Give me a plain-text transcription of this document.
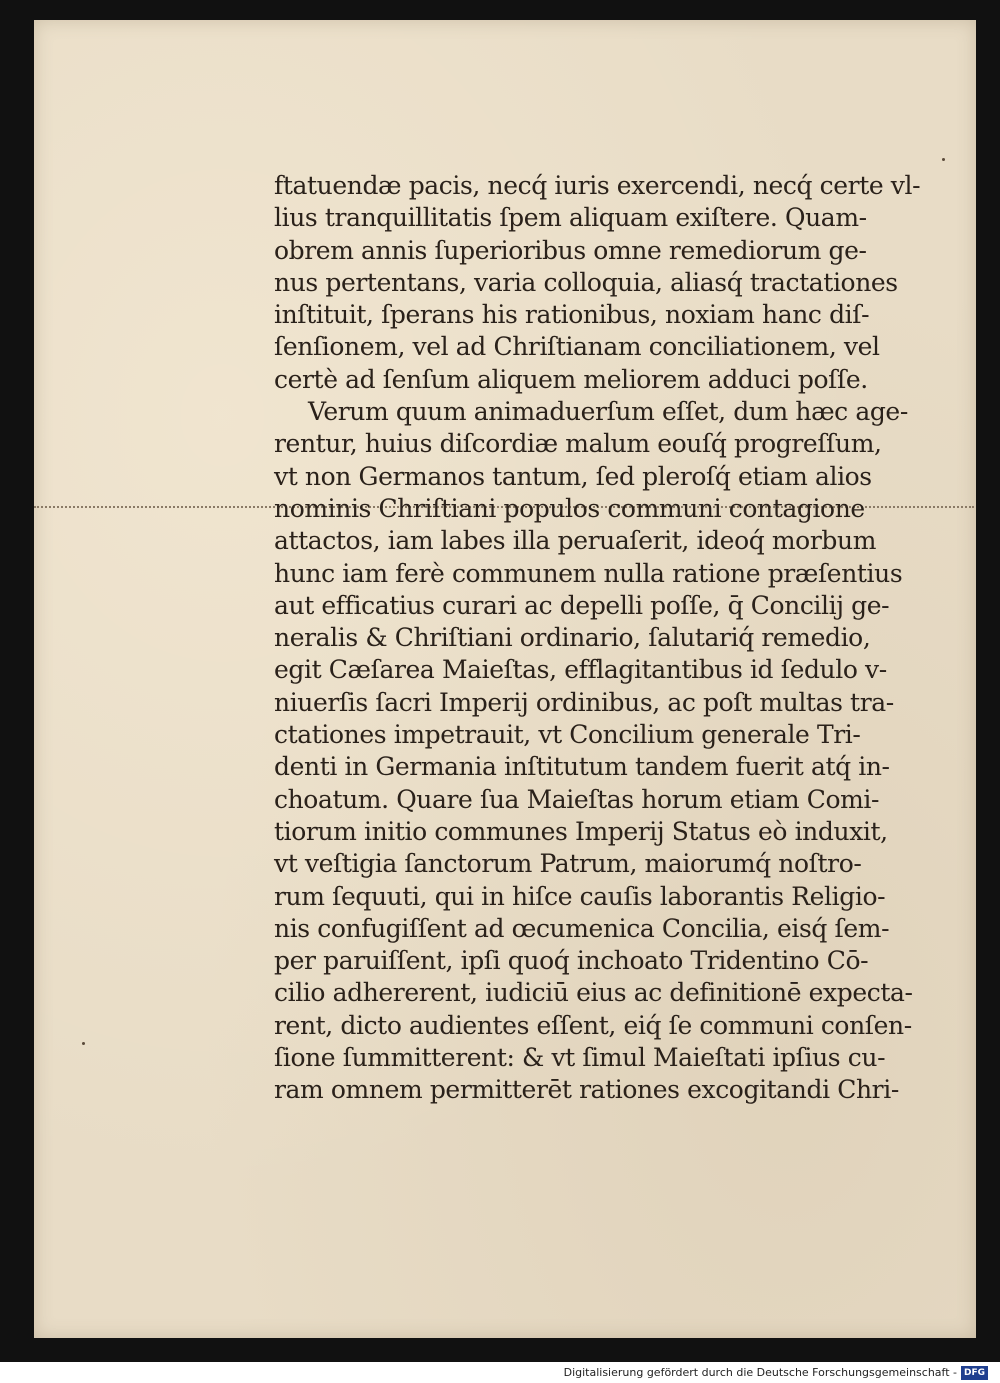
ftatuendæ pacis, necq́ iuris exercendi, necq́ certe vl-
lius tranquillitatis ſpem aliquam exiſtere. Quam-
obrem annis ſuperioribus omne remediorum ge-
nus pertentans, varia colloquia, aliasq́ tractationes
inſtituit, ſperans his rationibus, noxiam hanc diſ-
ſenſionem, vel ad Chriſtianam conciliationem, vel
certè ad ſenſum aliquem meliorem adduci poſſe.
Verum quum animaduerſum eſſet, dum hæc age-
rentur, huius diſcordiæ malum eouſq́ progreſſum,
vt non Germanos tantum, ſed pleroſq́ etiam alios
nominis Chriſtiani populos communi contagione
attactos, iam labes illa peruaſerit, ideoq́ morbum
hunc iam ferè communem nulla ratione præſentius
aut efficatius curari ac depelli poſſe, q̄ Concilij ge-
neralis & Chriſtiani ordinario, ſalutariq́ remedio,
egit Cæſarea Maieſtas, efflagitantibus id ſedulo v-
niuerſis ſacri Imperij ordinibus, ac poſt multas tra-
ctationes impetrauit, vt Concilium generale Tri-
denti in Germania inſtitutum tandem fuerit atq́ in-
choatum. Quare ſua Maieſtas horum etiam Comi-
tiorum initio communes Imperij Status eò induxit,
vt veſtigia ſanctorum Patrum, maiorumq́ noſtro-
rum ſequuti, qui in hiſce cauſis laborantis Religio-
nis confugiſſent ad œcumenica Concilia, eisq́ ſem-
per paruiſſent, ipſi quoq́ inchoato Tridentino Cō-
cilio adhererent, iudiciū eius ac definitionē expecta-
rent, dicto audientes eſſent, eiq́ ſe communi conſen-
ſione ſummitterent: & vt ſimul Maieſtati ipſius cu-
ram omnem permitterēt rationes excogitandi Chri-
Digitalisierung gefördert durch die Deutsche Forschungsgemeinschaft - DFG
